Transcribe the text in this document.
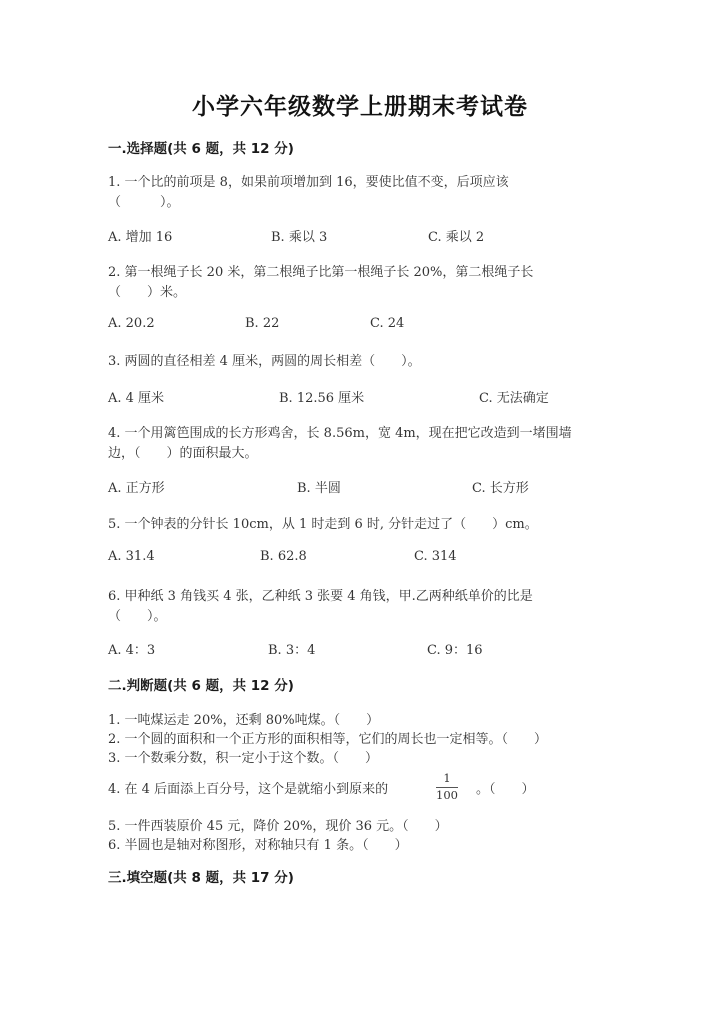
小学六年级数学上册期末考试卷
一.选择题(共 6 题，共 12 分)
1. 一个比的前项是 8，如果前项增加到 16，要使比值不变，后项应该
（　　　）。
A. 增加 16	B. 乘以 3	C. 乘以 2
2. 第一根绳子长 20 米，第二根绳子比第一根绳子长 20%，第二根绳子长
（　　）米。
A. 20.2	B. 22	C. 24
3. 两圆的直径相差 4 厘米，两圆的周长相差（　　）。
A. 4 厘米	B. 12.56 厘米	C. 无法确定
4. 一个用篱笆围成的长方形鸡舍，长 8.56m，宽 4m，现在把它改造到一堵围墙
边，（　　）的面积最大。
A. 正方形	B. 半圆	C. 长方形
5. 一个钟表的分针长 10cm，从 1 时走到 6 时, 分针走过了（　　）cm。
A. 31.4	B. 62.8	C. 314
6. 甲种纸 3 角钱买 4 张，乙种纸 3 张要 4 角钱，甲.乙两种纸单价的比是
（　　）。
A. 4：3	B. 3：4	C. 9：16
二.判断题(共 6 题，共 12 分)
1. 一吨煤运走 20%，还剩 80%吨煤。（　　）
2. 一个圆的面积和一个正方形的面积相等，它们的周长也一定相等。（　　）
3. 一个数乘分数，积一定小于这个数。（　　）
4. 在 4 后面添上百分号，这个是就缩小到原来的
1
100 。（　　）
5. 一件西装原价 45 元，降价 20%，现价 36 元。（　　）
6. 半圆也是轴对称图形，对称轴只有 1 条。（　　）
三.填空题(共 8 题，共 17 分)
